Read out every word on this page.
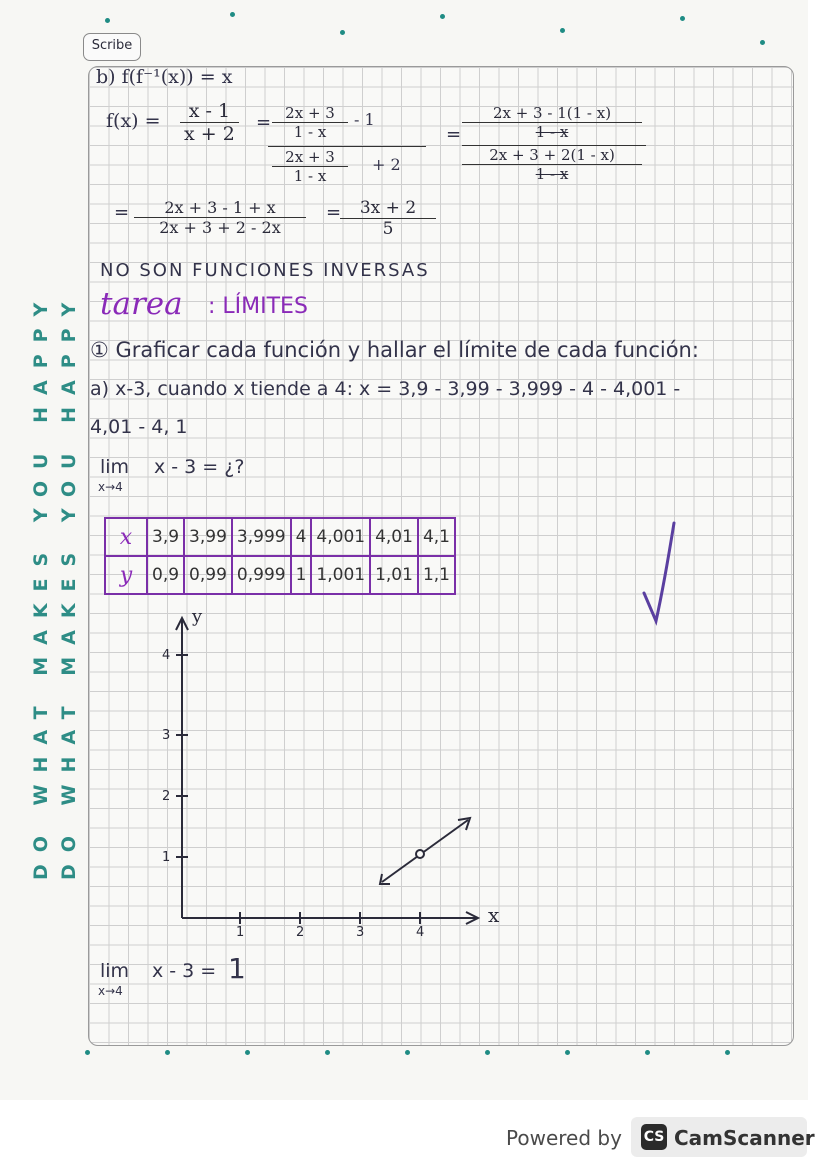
Scribe
DO WHAT MAKES YOU HAPPY DO WHAT MAKES YOU HAPPY
b) f(f⁻¹(x)) = x
$f(x) = \frac{x - 1}{x + 2} = \frac{2x + 3}{1 - x} - 1$
$\frac{2x + 3}{1 - x} + 2$
= $\frac{2x + 3 - 1(1 - x)}{1 - x}$
$\frac{2x + 3 + 2(1 - x)}{1 - x}$
= $\frac{2x + 3 - 1 + x}{2x + 3 + 2 - 2x}$ =
$\frac{3x + 2}{5}$
NO SON FUNCIONES INVERSAS
tarea : LÍMITES
① Graficar cada función y hallar el límite de cada función:
a) x-3, cuando x tiende a 4: x = 3,9 - 3,99 - 3,999 - 4 - 4,001 -
4,01 - 4, 1
lim
x→4
x - 3 = ¿?
x	3,9	3,99	3,999	4	4,001	4,01	4,1
y	0,9	0,99	0,999	1	1,001	1,01	1,1
y
x
1
2
3
4
1	2	3	4
lim
x→4
x - 3 = 1
Powered by CS CamScanner
